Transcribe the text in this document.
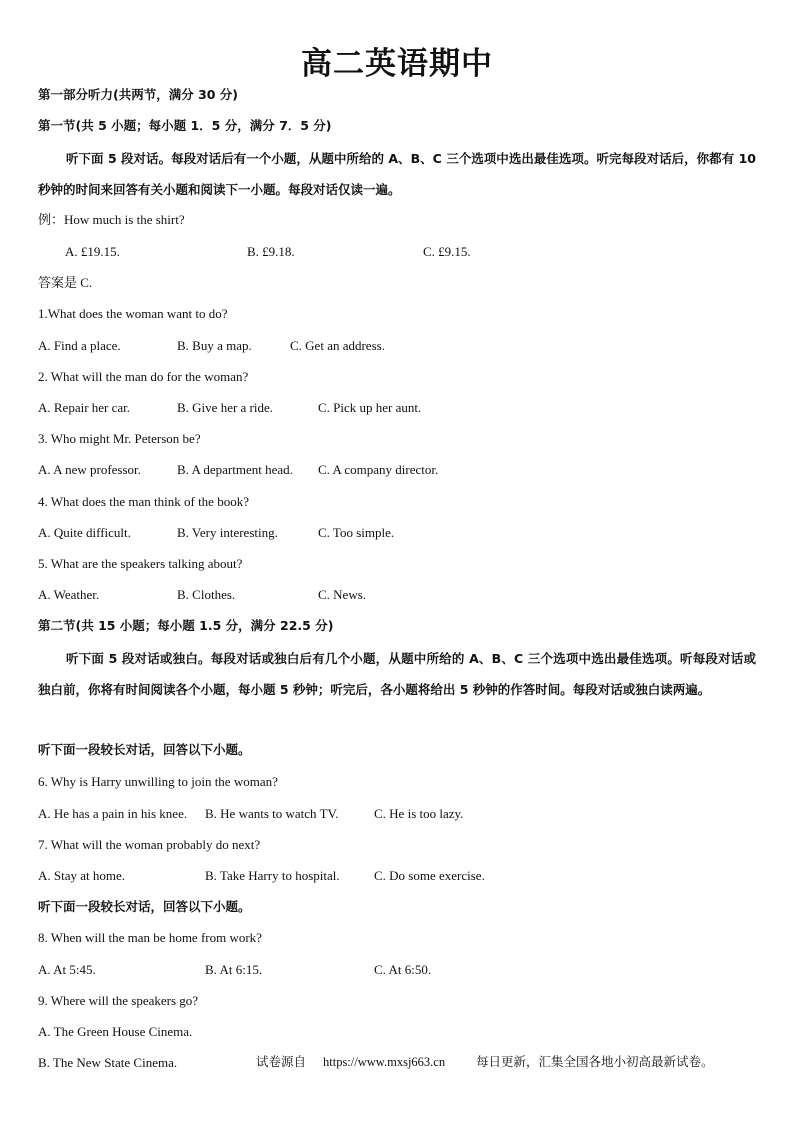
高二英语期中
第一部分听力(共两节，满分 30 分)
第一节(共 5 小题；每小题 1．5 分，满分 7．5 分)
听下面 5 段对话。每段对话后有一个小题，从题中所给的 A、B、C 三个选项中选出最佳选项。听完每段对话后，你都有 10 秒钟的时间来回答有关小题和阅读下一小题。每段对话仅读一遍。
例：How much is the shirt?
A. £19.15.	B. £9.18.	C. £9.15.
答案是 C.
1.What does the woman want to do?
A. Find a place.	B. Buy a map.	C. Get an address.
2. What will the man do for the woman?
A. Repair her car.	B. Give her a ride.	C. Pick up her aunt.
3. Who might Mr. Peterson be?
A. A new professor.	B. A department head. C. A company director.
4. What does the man think of the book?
A. Quite difficult.	B. Very interesting.	C. Too simple.
5. What are the speakers talking about?
A. Weather.	B. Clothes.	C. News.
第二节(共 15 小题；每小题 1.5 分，满分 22.5 分)
听下面 5 段对话或独白。每段对话或独白后有几个小题，从题中所给的 A、B、C 三个选项中选出最佳选项。听每段对话或独白前，你将有时间阅读各个小题，每小题 5 秒钟；听完后，各小题将给出 5 秒钟的作答时间。每段对话或独白读两遍。
听下面一段较长对话，回答以下小题。
6. Why is Harry unwilling to join the woman?
A. He has a pain in his knee. B. He wants to watch TV.	C. He is too lazy.
7. What will the woman probably do next?
A. Stay at home.	B. Take Harry to hospital.	C. Do some exercise.
听下面一段较长对话，回答以下小题。
8. When will the man be home from work?
A. At 5:45.	B. At 6:15.	C. At 6:50.
9. Where will the speakers go?
A. The Green House Cinema.
B. The New State Cinema.	试卷源自 https://www.mxsj663.cn 每日更新，汇集全国各地小初高最新试卷。
